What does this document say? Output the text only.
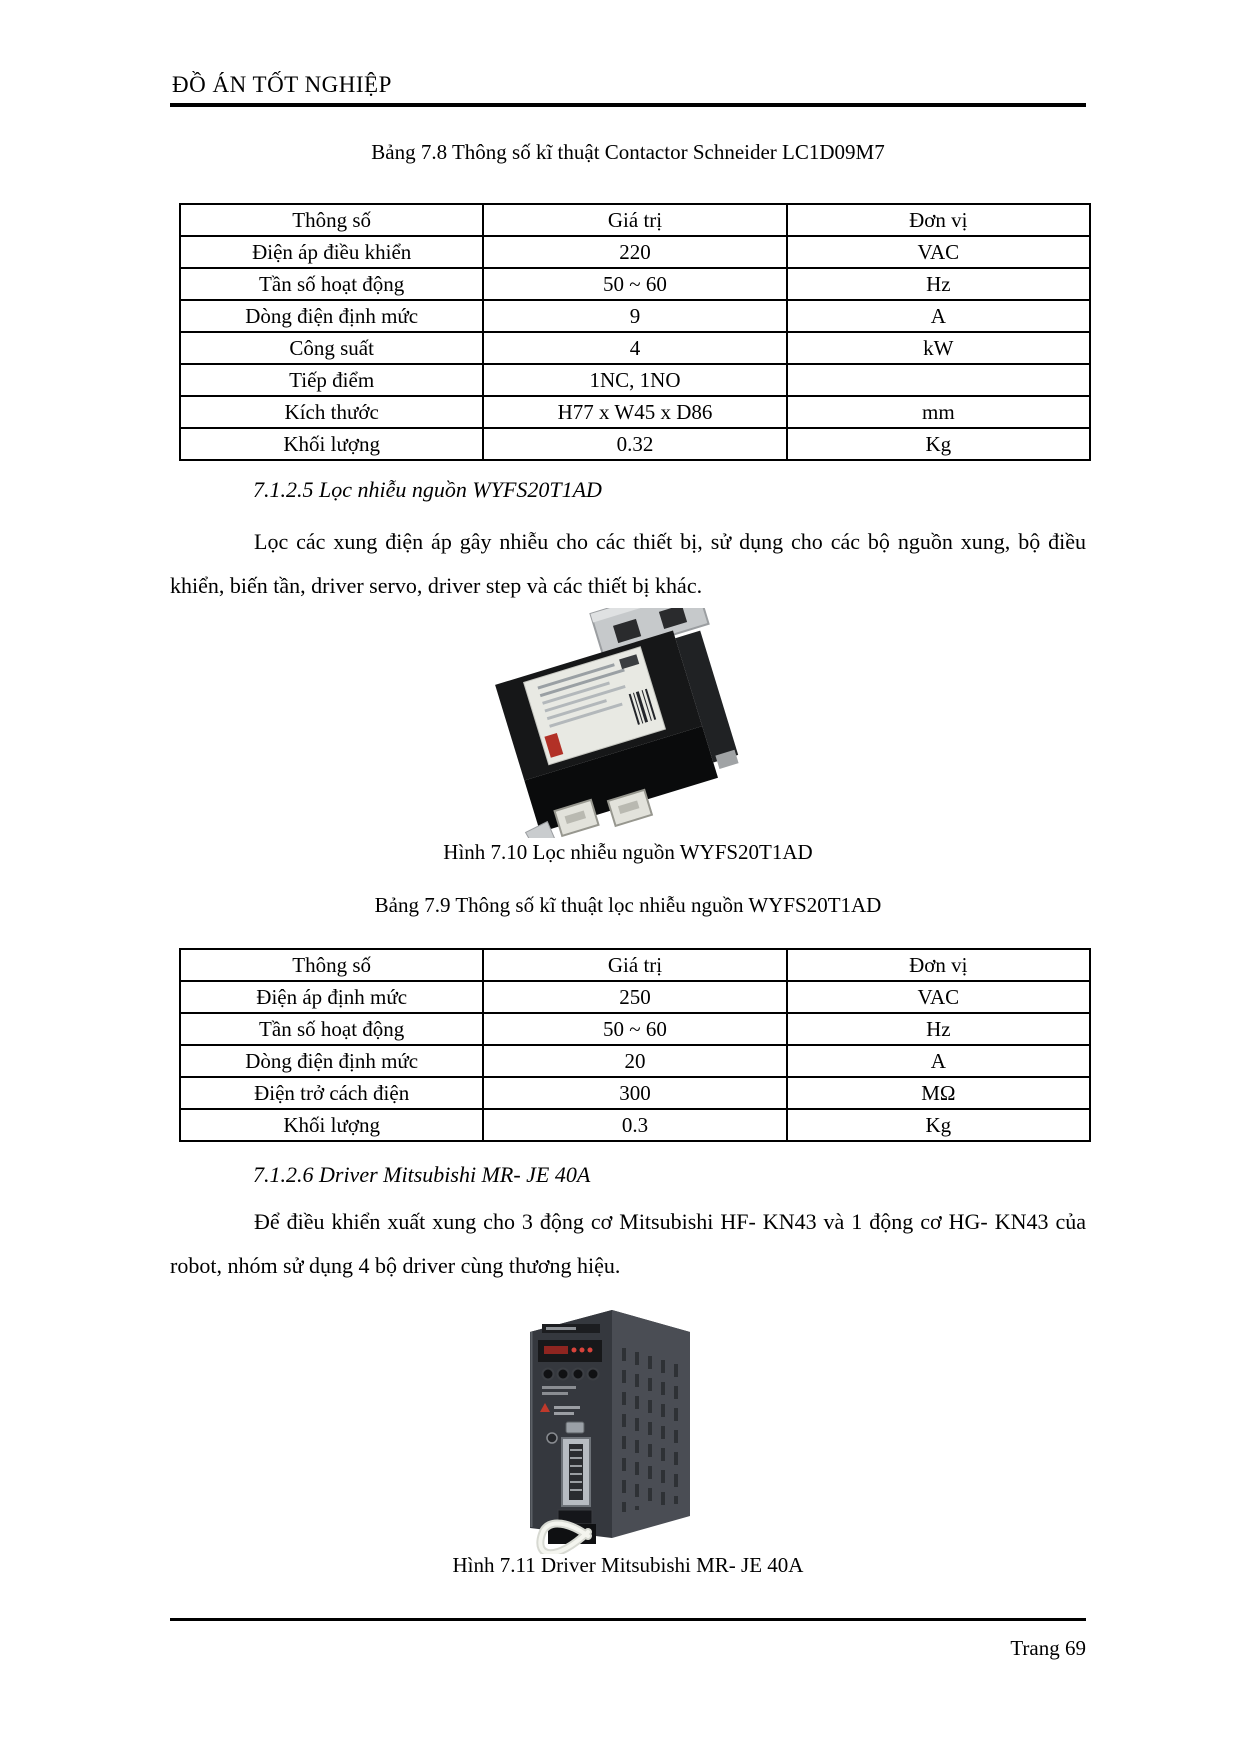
ĐỒ ÁN TỐT NGHIỆP
Bảng 7.8 Thông số kĩ thuật Contactor Schneider LC1D09M7
Thông số	Giá trị	Đơn vị
Điện áp điều khiển	220	VAC
Tần số hoạt động	50 ~ 60	Hz
Dòng điện định mức	9	A
Công suất	4	kW
Tiếp điểm	1NC, 1NO	
Kích thước	H77 x W45 x D86	mm
Khối lượng	0.32	Kg
7.1.2.5 Lọc nhiễu nguồn WYFS20T1AD
Lọc các xung điện áp gây nhiễu cho các thiết bị, sử dụng cho các bộ nguồn xung, bộ điều khiển, biến tần, driver servo, driver step và các thiết bị khác.
Hình 7.10 Lọc nhiễu nguồn WYFS20T1AD
Bảng 7.9 Thông số kĩ thuật lọc nhiễu nguồn WYFS20T1AD
Thông số	Giá trị	Đơn vị
Điện áp định mức	250	VAC
Tần số hoạt động	50 ~ 60	Hz
Dòng điện định mức	20	A
Điện trở cách điện	300	MΩ
Khối lượng	0.3	Kg
7.1.2.6 Driver Mitsubishi MR- JE 40A
Để điều khiển xuất xung cho 3 động cơ Mitsubishi HF- KN43 và 1 động cơ HG- KN43 của robot, nhóm sử dụng 4 bộ driver cùng thương hiệu.
Hình 7.11 Driver Mitsubishi MR- JE 40A
Trang 69
